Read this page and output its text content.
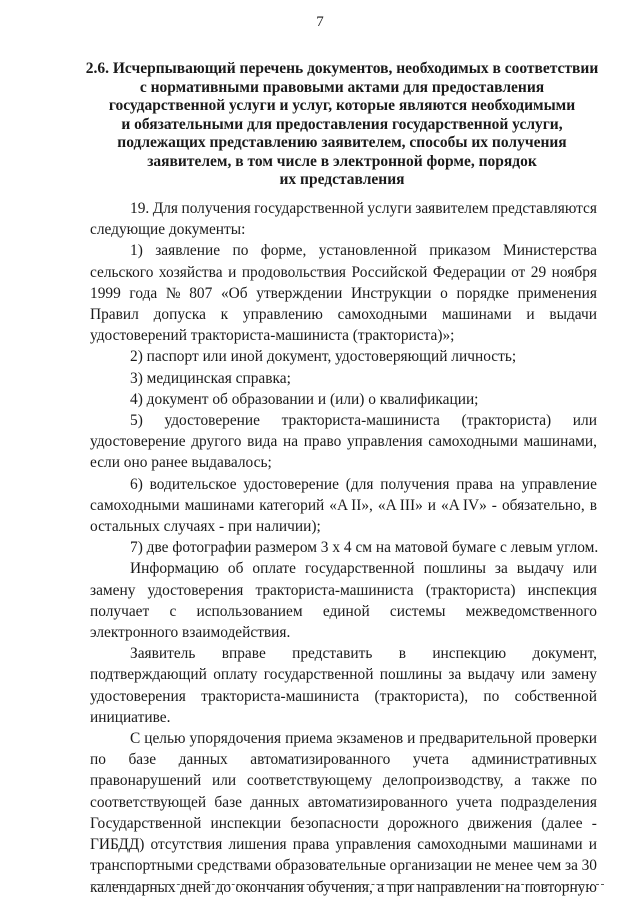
7
2.6. Исчерпывающий перечень документов, необходимых в соответствии
с нормативными правовыми актами для предоставления
государственной услуги и услуг, которые являются необходимыми
и обязательными для предоставления государственной услуги,
подлежащих представлению заявителем, способы их получения
заявителем, в том числе в электронной форме, порядок
их представления
19. Для получения государственной услуги заявителем представляются
следующие документы:
1) заявление по форме, установленной приказом Министерства
сельского хозяйства и продовольствия Российской Федерации от 29 ноября
1999 года № 807 «Об утверждении Инструкции о порядке применения
Правил допуска к управлению самоходными машинами и выдачи
удостоверений тракториста-машиниста (тракториста)»;
2) паспорт или иной документ, удостоверяющий личность;
3) медицинская справка;
4) документ об образовании и (или) о квалификации;
5) удостоверение тракториста-машиниста (тракториста) или
удостоверение другого вида на право управления самоходными машинами,
если оно ранее выдавалось;
6) водительское удостоверение (для получения права на управление
самоходными машинами категорий «A II», «A III» и «A IV» - обязательно, в
остальных случаях - при наличии);
7) две фотографии размером 3 х 4 см на матовой бумаге с левым углом.
Информацию об оплате государственной пошлины за выдачу или
замену удостоверения тракториста-машиниста (тракториста) инспекция
получает с использованием единой системы межведомственного
электронного взаимодействия.
Заявитель вправе представить в инспекцию документ,
подтверждающий оплату государственной пошлины за выдачу или замену
удостоверения тракториста-машиниста (тракториста), по собственной
инициативе.
С целью упорядочения приема экзаменов и предварительной проверки
по базе данных автоматизированного учета административных
правонарушений или соответствующему делопроизводству, а также по
соответствующей базе данных автоматизированного учета подразделения
Государственной инспекции безопасности дорожного движения (далее -
ГИБДД) отсутствия лишения права управления самоходными машинами и
транспортными средствами образовательные организации не менее чем за 30
календарных дней до окончания обучения, а при направлении на повторную
